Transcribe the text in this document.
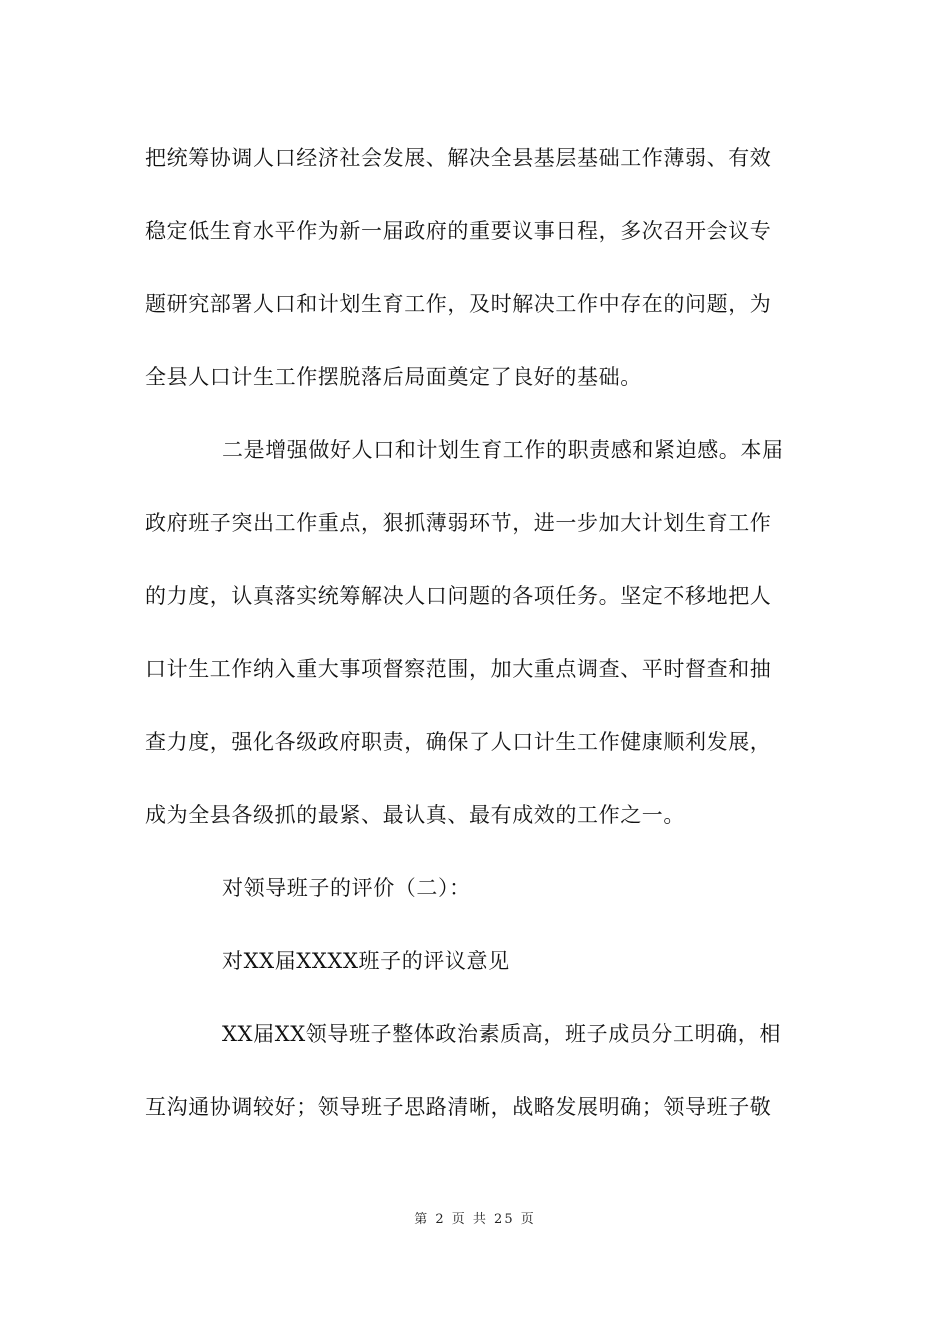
把统筹协调人口经济社会发展、解决全县基层基础工作薄弱、有效
稳定低生育水平作为新一届政府的重要议事日程，多次召开会议专
题研究部署人口和计划生育工作，及时解决工作中存在的问题，为
全县人口计生工作摆脱落后局面奠定了良好的基础。
二是增强做好人口和计划生育工作的职责感和紧迫感。本届
政府班子突出工作重点，狠抓薄弱环节，进一步加大计划生育工作
的力度，认真落实统筹解决人口问题的各项任务。坚定不移地把人
口计生工作纳入重大事项督察范围，加大重点调查、平时督查和抽
查力度，强化各级政府职责，确保了人口计生工作健康顺利发展，
成为全县各级抓的最紧、最认真、最有成效的工作之一。
对领导班子的评价（二）：
对XX届XXXX班子的评议意见
XX届XX领导班子整体政治素质高，班子成员分工明确，相
互沟通协调较好；领导班子思路清晰，战略发展明确；领导班子敬
第 2 页 共 25 页
